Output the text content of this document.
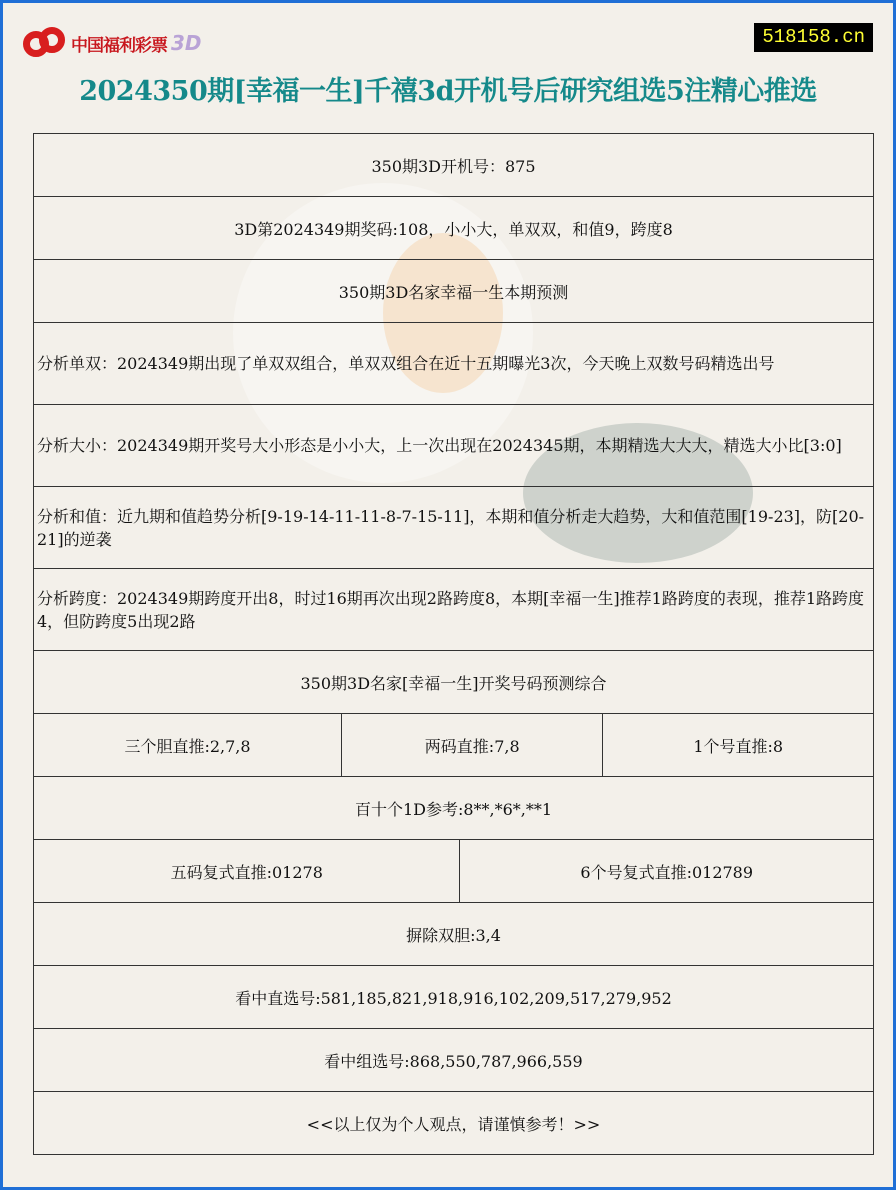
中国福利彩票 3D	518158.cn
2024350期[幸福一生]千禧3d开机号后研究组选5注精心推选
350期3D开机号：875			
3D第2024349期奖码:108，小小大，单双双，和值9，跨度8			
350期3D名家幸福一生本期预测			
分析单双：2024349期出现了单双双组合，单双双组合在近十五期曝光3次，今天晚上双数号码精选出号			
分析大小：2024349期开奖号大小形态是小小大，上一次出现在2024345期，本期精选大大大，精选大小比[3:0]			
分析和值：近九期和值趋势分析[9-19-14-11-11-8-7-15-11]，本期和值分析走大趋势，大和值范围[19-23]，防[20-21]的逆袭			
分析跨度：2024349期跨度开出8，时过16期再次出现2路跨度8，本期[幸福一生]推荐1路跨度的表现，推荐1路跨度4，但防跨度5出现2路			
350期3D名家[幸福一生]开奖号码预测综合			
三个胆直推:2,7,8	两码直推:7,8		1个号直推:8
百十个1D参考:8**,*6*,**1			
五码复式直推:01278		6个号复式直推:012789	
摒除双胆:3,4			
看中直选号:581,185,821,918,916,102,209,517,279,952			
看中组选号:868,550,787,966,559			
<<以上仅为个人观点，请谨慎参考！>>			
